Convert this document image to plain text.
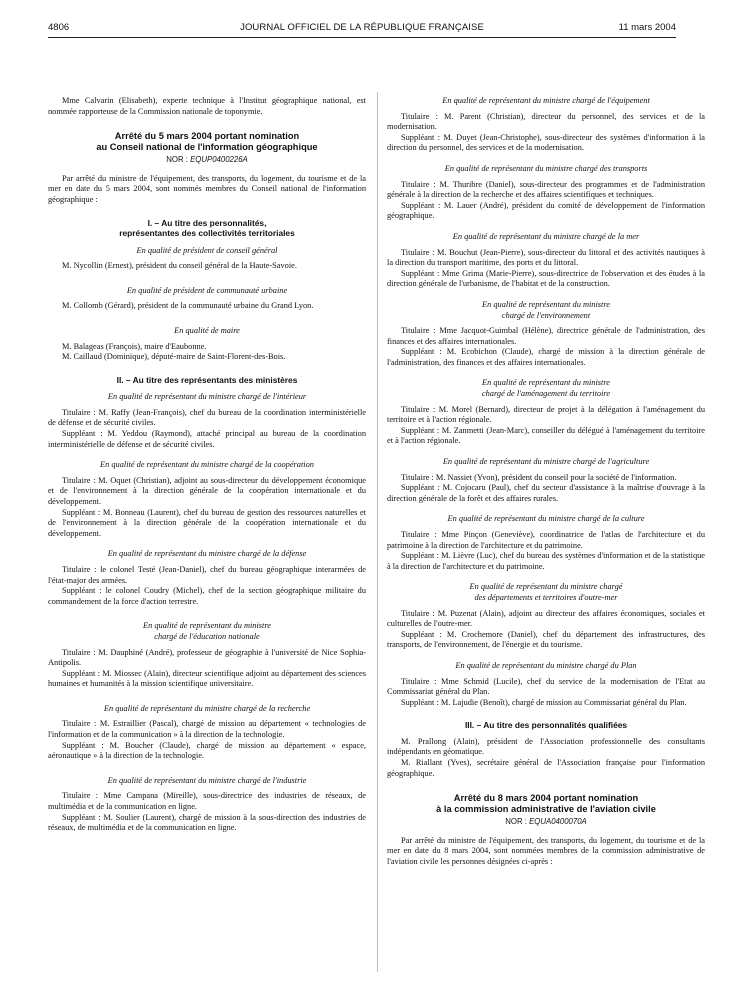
4806	JOURNAL OFFICIEL DE LA RÉPUBLIQUE FRANÇAISE	11 mars 2004

Mme Calvarin (Elisabeth), experte technique à l'Institut géographique national, est nommée rapporteuse de la Commission nationale de toponymie.

Arrêté du 5 mars 2004 portant nomination
au Conseil national de l'information géographique
NOR : EQUP0400226A

Par arrêté du ministre de l'équipement, des transports, du logement, du tourisme et de la mer en date du 5 mars 2004, sont nommés membres du Conseil national de l'information géographique :

I. – Au titre des personnalités,
représentantes des collectivités territoriales

En qualité de président de conseil général

M. Nycollin (Ernest), président du conseil général de la Haute-Savoie.

En qualité de président de communauté urbaine

M. Collomb (Gérard), président de la communauté urbaine du Grand Lyon.

En qualité de maire

M. Balageas (François), maire d'Eaubonne.

M. Caillaud (Dominique), député-maire de Saint-Florent-des-Bois.

II. – Au titre des représentants des ministères

En qualité de représentant du ministre chargé de l'intérieur

Titulaire : M. Raffy (Jean-François), chef du bureau de la coordination interministérielle de défense et de sécurité civiles.

Suppléant : M. Yeddou (Raymond), attaché principal au bureau de la coordination interministérielle de défense et de sécurité civiles.

En qualité de représentant du ministre chargé de la coopération

Titulaire : M. Oquet (Christian), adjoint au sous-directeur du développement économique et de l'environnement à la direction générale de la coopération internationale et du développement.

Suppléant : M. Bonneau (Laurent), chef du bureau de gestion des ressources naturelles et de l'environnement à la direction générale de la coopération internationale et du développement.

En qualité de représentant du ministre chargé de la défense

Titulaire : le colonel Testé (Jean-Daniel), chef du bureau géographique interarmées de l'état-major des armées.

Suppléant : le colonel Coudry (Michel), chef de la section géographique militaire du commandement de la force d'action terrestre.

En qualité de représentant du ministre
chargé de l'éducation nationale

Titulaire : M. Dauphiné (André), professeur de géographie à l'université de Nice Sophia-Antipolis.

Suppléant : M. Miossec (Alain), directeur scientifique adjoint au département des sciences humaines et humanités à la mission scientifique universitaire.

En qualité de représentant du ministre chargé de la recherche

Titulaire : M. Estraillier (Pascal), chargé de mission au département « technologies de l'information et de la communication » à la direction de la technologie.

Suppléant : M. Boucher (Claude), chargé de mission au département « espace, aéronautique » à la direction de la technologie.

En qualité de représentant du ministre chargé de l'industrie

Titulaire : Mme Campana (Mireille), sous-directrice des industries de réseaux, de multimédia et de la communication en ligne.

Suppléant : M. Soulier (Laurent), chargé de mission à la sous-direction des industries de réseaux, de multimédia et de la communication en ligne.

En qualité de représentant du ministre chargé de l'équipement

Titulaire : M. Parent (Christian), directeur du personnel, des services et de la modernisation.

Suppléant : M. Duyet (Jean-Christophe), sous-directeur des systèmes d'information à la direction du personnel, des services et de la modernisation.

En qualité de représentant du ministre chargé des transports

Titulaire : M. Thuribre (Daniel), sous-directeur des programmes et de l'administration générale à la direction de la recherche et des affaires scientifiques et techniques.

Suppléant : M. Lauer (André), président du comité de développement de l'information géographique.

En qualité de représentant du ministre chargé de la mer

Titulaire : M. Bouchut (Jean-Pierre), sous-directeur du littoral et des activités nautiques à la direction du transport maritime, des ports et du littoral.

Suppléant : Mme Grima (Marie-Pierre), sous-directrice de l'observation et des études à la direction générale de l'urbanisme, de l'habitat et de la construction.

En qualité de représentant du ministre
chargé de l'environnement

Titulaire : Mme Jacquot-Guimbal (Hélène), directrice générale de l'administration, des finances et des affaires internationales.

Suppléant : M. Ecobichon (Claude), chargé de mission à la direction générale de l'administration, des finances et des affaires internationales.

En qualité de représentant du ministre
chargé de l'aménagement du territoire

Titulaire : M. Morel (Bernard), directeur de projet à la délégation à l'aménagement du territoire et à l'action régionale.

Suppléant : M. Zanmetti (Jean-Marc), conseiller du délégué à l'aménagement du territoire et à l'action régionale.

En qualité de représentant du ministre chargé de l'agriculture

Titulaire : M. Nassiet (Yvon), président du conseil pour la société de l'information.

Suppléant : M. Cojocaru (Paul), chef du secteur d'assistance à la maîtrise d'ouvrage à la direction générale de la forêt et des affaires rurales.

En qualité de représentant du ministre chargé de la culture

Titulaire : Mme Pinçon (Geneviève), coordinatrice de l'atlas de l'architecture et du patrimoine à la direction de l'architecture et du patrimoine.

Suppléant : M. Lièvre (Luc), chef du bureau des systèmes d'information et de la statistique à la direction de l'architecture et du patrimoine.

En qualité de représentant du ministre chargé
des départements et territoires d'outre-mer

Titulaire : M. Puzenat (Alain), adjoint au directeur des affaires économiques, sociales et culturelles de l'outre-mer.

Suppléant : M. Crochemore (Daniel), chef du département des infrastructures, des transports, de l'environnement, de l'énergie et du tourisme.

En qualité de représentant du ministre chargé du Plan

Titulaire : Mme Schmid (Lucile), chef du service de la modernisation de l'Etat au Commissariat général du Plan.

Suppléant : M. Lajudie (Benoît), chargé de mission au Commissariat général du Plan.

III. – Au titre des personnalités qualifiées

M. Prallong (Alain), président de l'Association professionnelle des consultants indépendants en géomatique.

M. Riallant (Yves), secrétaire général de l'Association française pour l'information géographique.

Arrêté du 8 mars 2004 portant nomination
à la commission administrative de l'aviation civile
NOR : EQUA0400070A

Par arrêté du ministre de l'équipement, des transports, du logement, du tourisme et de la mer en date du 8 mars 2004, sont nommées membres de la commission administrative de l'aviation civile les personnes désignées ci-après :
